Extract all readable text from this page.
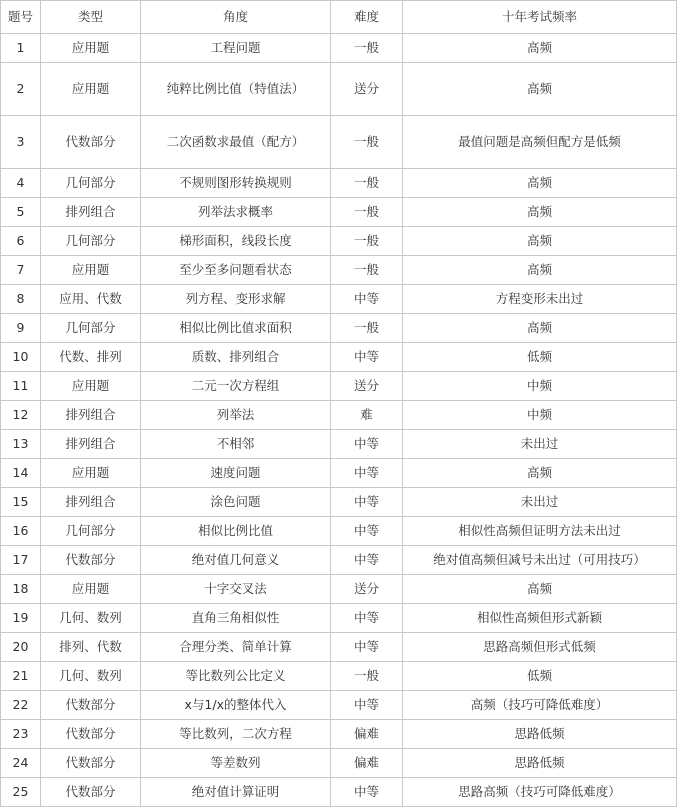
题号	类型	角度	难度	十年考试频率
1	应用题	工程问题	一般	高频
2	应用题	纯粹比例比值（特值法）	送分	高频
3	代数部分	二次函数求最值（配方）	一般	最值问题是高频但配方是低频
4	几何部分	不规则图形转换规则	一般	高频
5	排列组合	列举法求概率	一般	高频
6	几何部分	梯形面积，线段长度	一般	高频
7	应用题	至少至多问题看状态	一般	高频
8	应用、代数	列方程、变形求解	中等	方程变形未出过
9	几何部分	相似比例比值求面积	一般	高频
10	代数、排列	质数、排列组合	中等	低频
11	应用题	二元一次方程组	送分	中频
12	排列组合	列举法	难	中频
13	排列组合	不相邻	中等	未出过
14	应用题	速度问题	中等	高频
15	排列组合	涂色问题	中等	未出过
16	几何部分	相似比例比值	中等	相似性高频但证明方法未出过
17	代数部分	绝对值几何意义	中等	绝对值高频但减号未出过（可用技巧）
18	应用题	十字交叉法	送分	高频
19	几何、数列	直角三角相似性	中等	相似性高频但形式新颖
20	排列、代数	合理分类、简单计算	中等	思路高频但形式低频
21	几何、数列	等比数列公比定义	一般	低频
22	代数部分	x与1/x的整体代入	中等	高频（技巧可降低难度）
23	代数部分	等比数列，二次方程	偏难	思路低频
24	代数部分	等差数列	偏难	思路低频
25	代数部分	绝对值计算证明	中等	思路高频（技巧可降低难度）
